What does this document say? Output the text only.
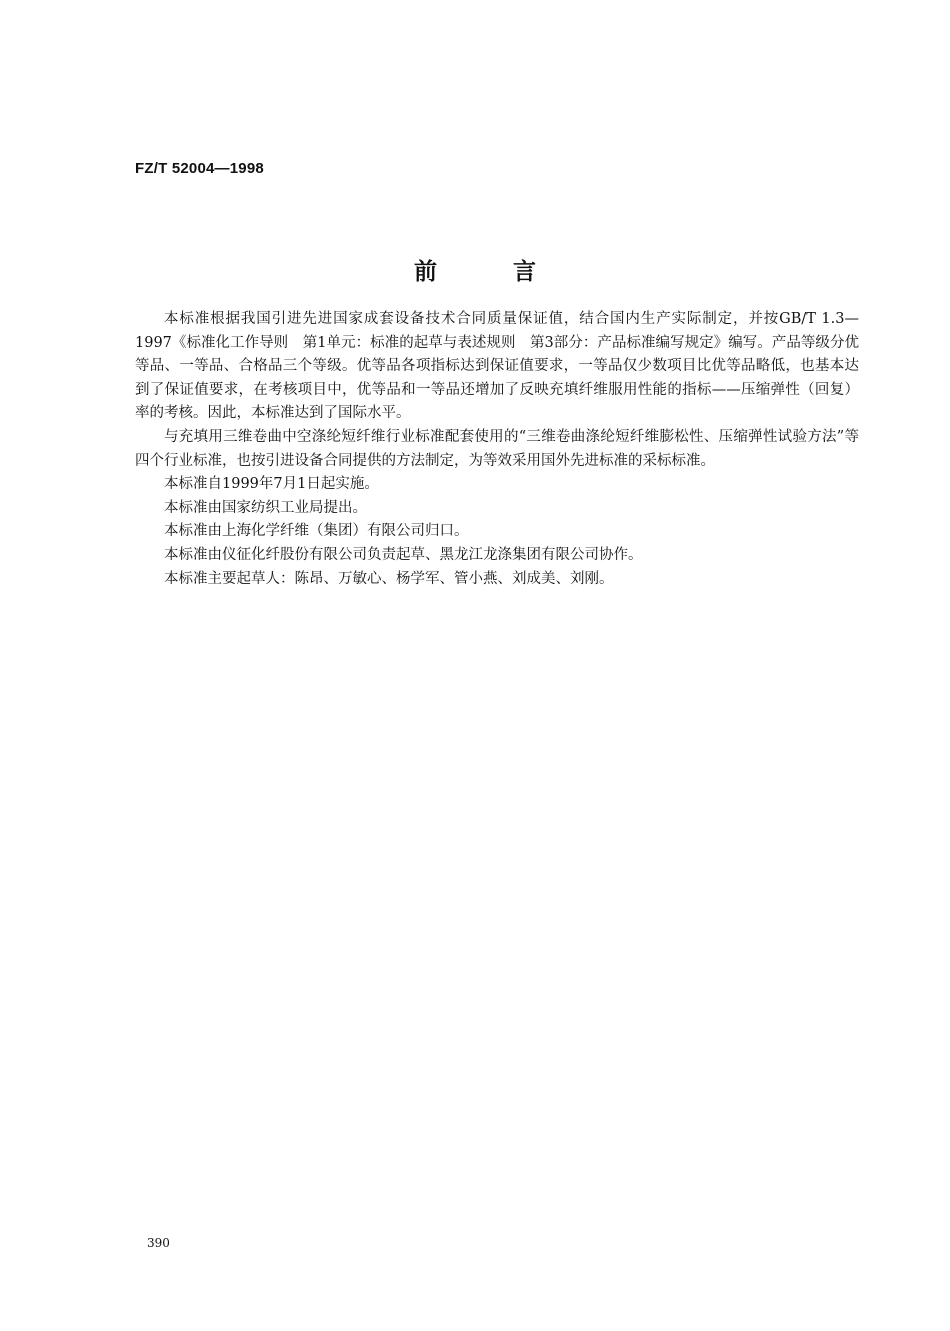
FZ/T 52004—1998
前言

本标准根据我国引进先进国家成套设备技术合同质量保证值，结合国内生产实际制定，并按GB/T 1.3—1997《标准化工作导则　第1单元：标准的起草与表述规则　第3部分：产品标准编写规定》编写。产品等级分优等品、一等品、合格品三个等级。优等品各项指标达到保证值要求，一等品仅少数项目比优等品略低，也基本达到了保证值要求，在考核项目中，优等品和一等品还增加了反映充填纤维服用性能的指标——压缩弹性（回复）率的考核。因此，本标准达到了国际水平。

与充填用三维卷曲中空涤纶短纤维行业标准配套使用的“三维卷曲涤纶短纤维膨松性、压缩弹性试验方法”等四个行业标准，也按引进设备合同提供的方法制定，为等效采用国外先进标准的采标标准。

本标准自1999年7月1日起实施。

本标准由国家纺织工业局提出。

本标准由上海化学纤维（集团）有限公司归口。

本标准由仪征化纤股份有限公司负责起草、黑龙江龙涤集团有限公司协作。

本标准主要起草人：陈昂、万敏心、杨学军、管小燕、刘成美、刘刚。

390
